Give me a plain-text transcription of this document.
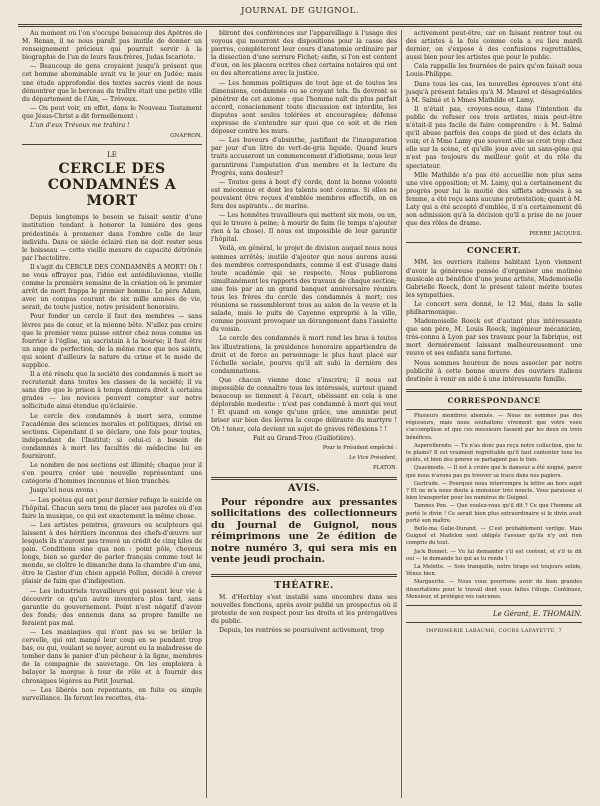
JOURNAL DE GUIGNOL.

Au moment où l'on s'occupe beaucoup des Apôtres de M. Renan, il ne nous paraît pas inutile de donner un renseignement précieux qui pourrait servir à la biographie de l'un de leurs faux-frères, Judas Iscariote.

— Beaucoup de gens croyaient jusqu'à présent que cet homme abominable avait vu le jour en Judée; mais une étude approfondie des textes sacrés vient de nous démontrer que le berceau du traître était une petite ville du département de l'Ain, — Trévoux.

— On peut voir, en effet, dans le Nouveau Testament que Jésus-Christ a dit formellement :

L'un d'eux Trévoux me trahira !

GNAFRON.
LE
CERCLE DES CONDAMNÉS A MORT

Depuis longtemps le besoin se faisait sentir d'une institution tendant à honorer la lumière des gens prédestinés à promener dans l'ombre celle de leur individu. Dans ce siècle éclairé rien ne doit rester sous le boisseau — cette vieille mesure de capacité détrônée par l'hectolitre.

Il s'agit du CERCLE DES CONDAMNÉS A MORT! Oh ! ne vous effrayez pas, l'idée est antédiluvienne, vieille comme la première semaine de la création où le premier arrêt de mort frappa le premier homme. Le père Adam, avec un compas courant de six mille années de vie, serait, de toute justice, notre président honoraire.

Pour fonder un cercle il faut des membres — sans lèvres pas de cœur, et la mienne bête. N'allez pas croire que le premier venu puisse entrer chez nous comme un fourrier à l'église, un sacristain à la bourse; il faut être un ange de perfection, de la même race que nos saints, qui soient d'ailleurs la nature du crime et le mode de supplice.

Il a été résolu que la société des condamnés à mort se recruterait dans toutes les classes de la société; il va sans dire que le prison à temps donnera droit à certains grades — les novices peuvent compter sur notre sollicitude ainsi étendue qu'éclairée.

Le cercle des condamnés à mort sera, comme l'académie des sciences morales et politiques, divisé en sections. Cependant il se déclare, une fois pour toutes, indépendant de l'Institut; si celui-ci a besoin de condamnés à mort les facultés de médecine lui en fourniront.

Le nombre de nos sections est illimité; chaque jour il s'en pourra créer une nouvelle représentant une catégorie d'hommes inconnus et bien tranchés.

Jusqu'ici nous avons :

— Les poètes qui ont pour dernier refuge le suicide on l'hôpital. Chacun sera tenu de placer ses paroles où d'en faire la musique, ce qui est exactement la même chose.

— Les artistes peintres, graveurs ou sculpteurs qui laissent à des héritiers inconnus des chefs-d'œuvre sur lesquels ils n'auront pas trouvé un crédit de cinq kilos de pain. Conditions sine qua non : point pôle, cheveux longs, bien se garder de parler français comme tout le monde, se cloître le dimanche dans la chambre d'un ami, être le Castor d'un chien appelé Pollux, décidé à crever plaisir de faim que d'indigestion.

— Les industriels travailleurs qui passent leur vie à découvrir ce qu'un autre inventera plus tard, sans garantie du gouvernement. Point n'est négatif d'avoir des fonds; des ennemis dans sa propre famille ne feraient pas mal.

— Les maniaques qui n'ont pas su se brûler la cervelle, qui ont mangé leur coup en se pendant trop bas, ou qui, voulant se noyer, auront eu la maladresse de tomber dans le panier d'un pêcheur à la ligne, membres de la compagnie de sauvetage. On les emploiera à balayer la morgue à tour de rôle et à fournir des chroniques légères au Petit Journal.

— Les libérés non repentants, en fuite ou simple surveillance. Ils feront les recettes, éta-

bliront des conférences sur l'appareillage à l'usage des voyous qui mourront des dispositions pour la casse des pierres, compléteront leur cours d'anatomie ordinaire par la dissection d'une serrure Fichet; enfin, si l'on est content d'eux, on les placera ecrites chez certains notaires qui ont eu des altercations avec la justice.

— Les hommes politiques de tout âge et de toutes les dimensions, condamnés ou se croyant tels. Ils devront se pénétrer de cet axiome : que l'homme naît du plus parfait accord, consciemment toute discussion est interdite, les disputes sont seules tolérées et encouragées; défense expresse de s'entendre sur quoi que ce soit et de rien déposer contre les murs.

— Les buveurs d'absinthe, justifiant de l'inauguration par jour d'un litre de vert-de-gris liquide. Quand leurs traits accuseront un commencement d'idiotisme, nous leur garantirons l'amputation d'un membre et la lecture du Progrès, sans douleur?

— Toutes gens à bout d'ý corde, dont la bonne volonté est méconnue et dont les talents sont connus. Si elles ne pouvaient être reçues d'emblée membres effectifs, on en fera des aspirants... de marine.

— Les honnêtes travailleurs qui mettent six mois, ou un, qui le trouve à peine; à mourir de faim (le temps n'ajouter rien à la chose). Il nous est impossible de leur garantir l'hôpital.

Voilà, en général, le projet de division auquel nous nous sommes arrêtés; inutile d'ajouter que nous aurons aussi des membres correspondants, comme il est d'usage dans toute académie qui se respecte. Nous publierons simultanément les rapports des travaux de chaque section; une fois par an un grand banquet anniversaire réunira tous les frères du cercle des condamnés à mort; ces réunions se rassembleront tous au salon de la veuve et la salade, mais le puits de Cayenne exproprié à la ville, comme pouvant provoquer un dérangement dans l'assiette du voisin.

Le cercle des condamnés à mort rend les bras à toutes les illustrations, la présidence honoraire appartiendra de droit et de force au personnage le plus haut placé sur l'échelle sociale, pourvu qu'il ait subi la dernière des condamnations.

Que chacun vienne donc s'inscrire; il nous est impossible de connaître tous les intéressés, surtout quand beaucoup se tiennent à l'écart, obéissant en cela à une déplorable modestie : n'est pas condamné à mort qui veut ! Et quand on songe qu'une grâce, une amnistie peut briser sur bien des lèvres la coupe délirante du martyre ! Oh ! tenez, cela devient un sujet de graves réflexions ! !

Fait au Grand-Trou (Guillotière).

Pour le Président empêché :
Le Vice Président,
PLATON.
AVIS.
Pour répondre aux pressantes sollicitations des collectionneurs du Journal de Guignol, nous réimprimons une 2e édition de notre numéro 3, qui sera mis en vente jeudi prochain.
THÉATRE.

M. d'Herblay s'est installé sans encombre dans ses nouvelles fonctions, après avoir publié un prospectus où il proteste de son respect pour les droits et les prérogatives du public.

Depuis, les rentrées se poursuivent activement, trop

activement peut-être, car en faisant rentrer tout ou des artistes à la fois comme cela a eu lieu mardi dernier, on s'expose à des confusions regrettables, aussi bien pour les artistes que pour le public.

Cela rappelle les fournées de pairs qu'on faisait sous Louis-Philippe.

Dans tous les cas, les nouvelles épreuves n'ont été jusqu'à présent fatales qu'à M. Maurel et désagréables à M. Salmé et à Mmes Mathilde et Lamy.

Il n'était pas, croyons-nous, dans l'intention du public de refuser ces trois artistes, mais peut-être n'était-il pas facile de faire comprendre : à M. Salmé qu'il abuse parfois des coups de pied et des éclats de voix; et à Mme Lamy que souvent elle se croit trop chez elle sur la scène, et qu'elle joue avec un sans-gêne qui n'est pas toujours du meilleur goût et du rôle du spectateur.

Mlle Mathilde n'a pas été accueillie non plus sans une vive opposition; et M. Lamy, qui a certainement du progrès pour lui la moitié des sifflets adressés à sa femme, a été reçu sans aucune protestation; quant à M. Laty qui a été accepté d'emblée, il n'a certainement dû son admission qu'à la décision qu'il a prise de ne jouer que des rôles de drame.

PIERRE JACQUES.
CONCERT.

MM. les ouvriers italiens habitant Lyon viennent d'avoir la généreuse pensée d'organiser une matinée musicale au bénéfice d'une jeune artiste, Mademoiselle Gabrielle Roeck, dont le présent talent mérite toutes les sympathies.

Le concert sera donné, le 12 Mai, dans la salle philharmonique.

Mademoiselle Roeck est d'autant plus intéressante que son père, M. Louis Roeck, ingénieur mécanicien, très-connu à Lyon par ses travaux pour la fabrique, est mort dernièrement laissant malheureusement une veuve et ses enfants sans fortune.

Nous sommes heureux de nous associer par notre publicité à cette bonne œuvre des ouvriers italiens destinée à venir en aide à une intéressante famille.

CORRESPONDANCE

Plusieurs membres abonnés. — Nous ne sommes pas des régisseurs, mais nous souhaitons vivement que votre voeu s'accomplisse et que ces messieurs fassent par les deux ou trois bénéfices.

Asperefleredo. — Tu n'as donc pas reçu notre collection, que tu te plains? Il est vraiment regrettable qu'il faut contenter tous les goûts, et bien des genres se partagent pas le tien.

Quasimodo. — Il est à croire que le danseur a été soigné, parce que nous n'avons pas pu trouver sa trace dans nos papiers.

Gertrude. — Pourquoi nous interrompre la lettre au hors sujet ? Et ne m'a nous doute à monsieur très noucle. Vous paraissez si bien transporter pour les numéros de Guignol.

Tamnes Pon. — Que voulez-vous qu'il dit ? Ce que l'homme ait porté le divin ! Ce serait bien plus extraordinaire si le divin avait porté son maître.

Belle-ma Gulie-Durand. — C'est probablement vertige. Mais Guignol et Madelon sont obligés l'avouer qu'ils n'y ont rien compris du tout.

Jack Bonnet. — Vu lui demander s'il est content, et s'il te dit oui — te demande lui qui as tu rendu !

La Melette. — Sois tranquille, notre tirage est toujours solide, Vénus bien.

Marguerite. — Nous vous pourrions avoir de bien grandes dissertations pour le travail dont vous faites l'éloge. Continuez, Monsieur, et protégez vos rancunes.

Le Gérant, E. THOMAIN.
IMPRIMERIE LABAUME, COURS LAFAYETTE, 7
